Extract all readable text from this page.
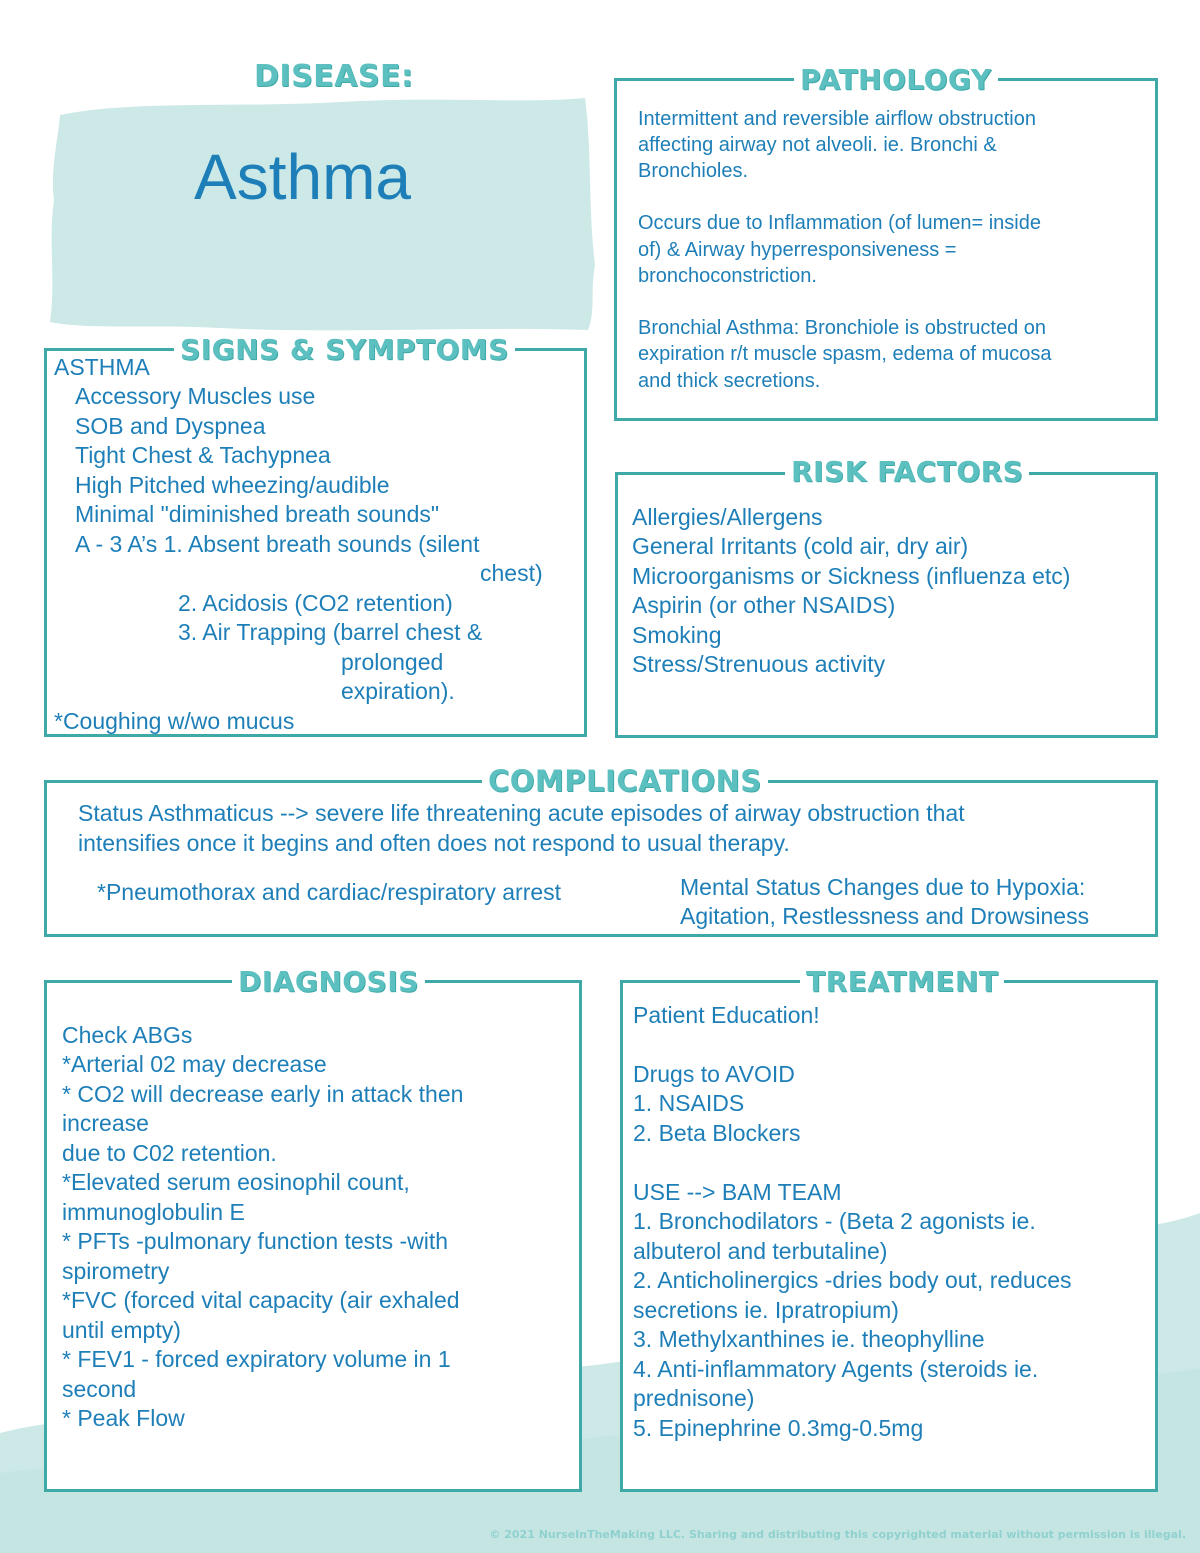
DISEASE:
Asthma
PATHOLOGY
Intermittent and reversible airflow obstruction
affecting airway not alveoli. ie. Bronchi &
Bronchioles.
Occurs due to Inflammation (of lumen= inside
of) & Airway hyperresponsiveness =
bronchoconstriction.
Bronchial Asthma: Bronchiole is obstructed on
expiration r/t muscle spasm, edema of mucosa
and thick secretions.
SIGNS & SYMPTOMS
ASTHMA
Accessory Muscles use
SOB and Dyspnea
Tight Chest & Tachypnea
High Pitched wheezing/audible
Minimal "diminished breath sounds"
A - 3 A’s 1. Absent breath sounds (silent
chest)
2. Acidosis (CO2 retention)
3. Air Trapping (barrel chest &
prolonged
expiration).
*Coughing w/wo mucus
RISK FACTORS
Allergies/Allergens
General Irritants (cold air, dry air)
Microorganisms or Sickness (influenza etc)
Aspirin (or other NSAIDS)
Smoking
Stress/Strenuous activity
COMPLICATIONS
Status Asthmaticus --> severe life threatening acute episodes of airway obstruction that
intensifies once it begins and often does not respond to usual therapy.
*Pneumothorax and cardiac/respiratory arrest	Mental Status Changes due to Hypoxia:
Agitation, Restlessness and Drowsiness
DIAGNOSIS
Check ABGs
*Arterial 02 may decrease
* CO2 will decrease early in attack then
increase
due to C02 retention.
*Elevated serum eosinophil count,
immunoglobulin E
* PFTs -pulmonary function tests -with
spirometry
*FVC (forced vital capacity (air exhaled
until empty)
* FEV1 - forced expiratory volume in 1
second
* Peak Flow
TREATMENT
Patient Education!
Drugs to AVOID
1. NSAIDS
2. Beta Blockers
USE --> BAM TEAM
1. Bronchodilators - (Beta 2 agonists ie.
albuterol and terbutaline)
2. Anticholinergics -dries body out, reduces
secretions ie. Ipratropium)
3. Methylxanthines ie. theophylline
4. Anti-inflammatory Agents (steroids ie.
prednisone)
5. Epinephrine 0.3mg-0.5mg
© 2021 NurseInTheMaking LLC. Sharing and distributing this copyrighted material without permission is illegal.
